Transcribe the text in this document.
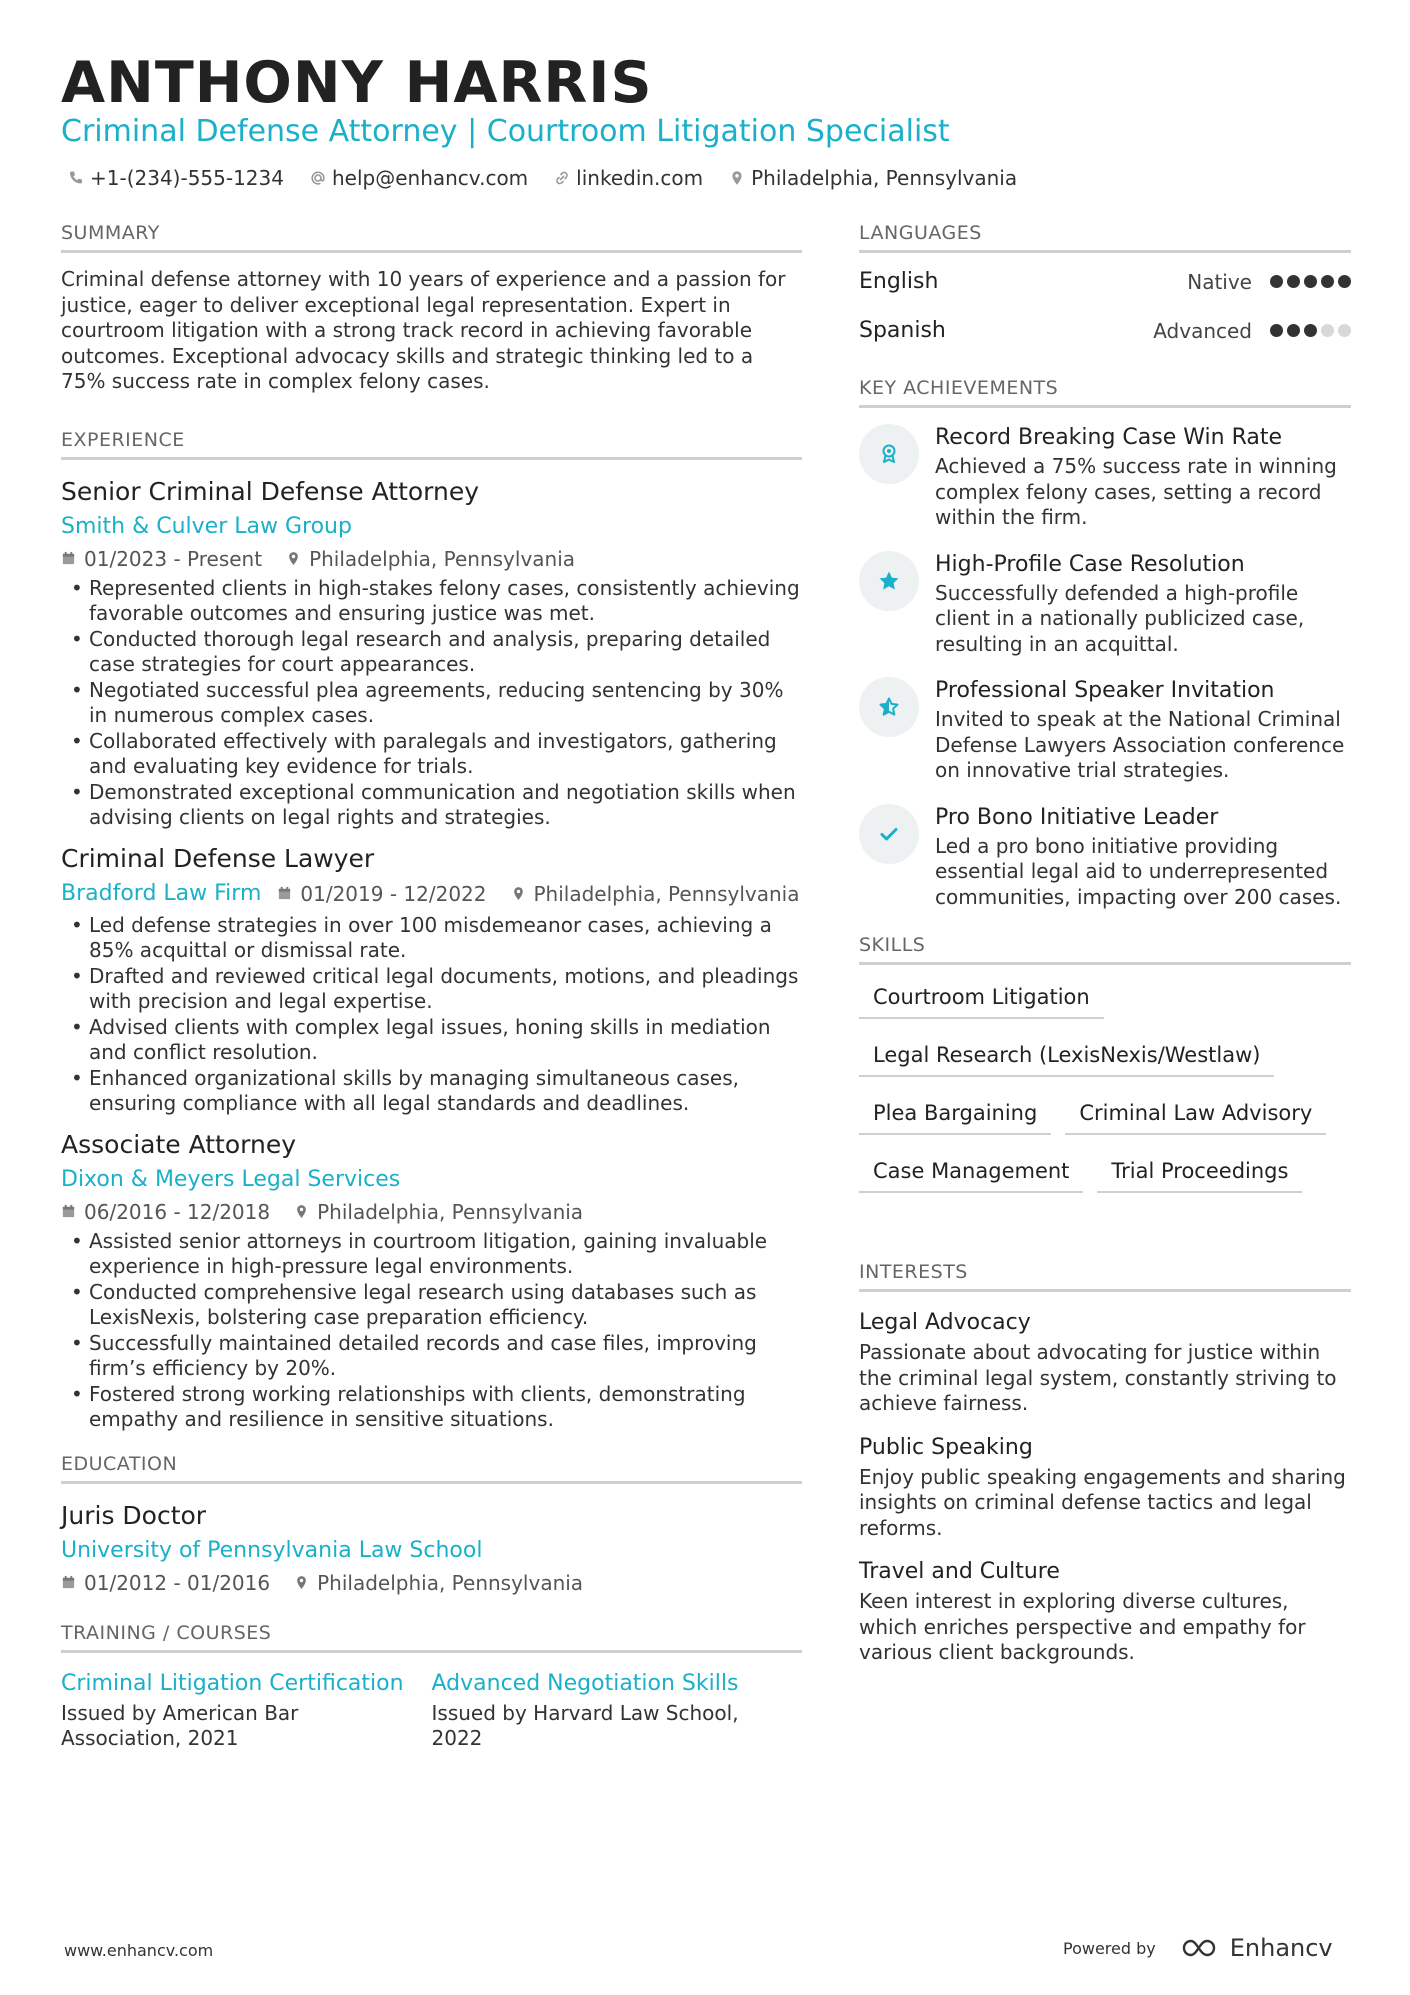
ANTHONY HARRIS
Criminal Defense Attorney | Courtroom Litigation Specialist
+1-(234)-555-1234 help@enhancv.com linkedin.com Philadelphia, Pennsylvania
SUMMARY

Criminal defense attorney with 10 years of experience and a passion for justice, eager to deliver exceptional legal representation. Expert in courtroom litigation with a strong track record in achieving favorable outcomes. Exceptional advocacy skills and strategic thinking led to a 75% success rate in complex felony cases.

EXPERIENCE
Senior Criminal Defense Attorney
Smith & Culver Law Group
01/2023 - Present Philadelphia, Pennsylvania
• Represented clients in high-stakes felony cases, consistently achieving favorable outcomes and ensuring justice was met.
• Conducted thorough legal research and analysis, preparing detailed case strategies for court appearances.
• Negotiated successful plea agreements, reducing sentencing by 30% in numerous complex cases.
• Collaborated effectively with paralegals and investigators, gathering and evaluating key evidence for trials.
• Demonstrated exceptional communication and negotiation skills when advising clients on legal rights and strategies.
Criminal Defense Lawyer
Bradford Law Firm 01/2019 - 12/2022 Philadelphia, Pennsylvania
• Led defense strategies in over 100 misdemeanor cases, achieving a 85% acquittal or dismissal rate.
• Drafted and reviewed critical legal documents, motions, and pleadings with precision and legal expertise.
• Advised clients with complex legal issues, honing skills in mediation and conflict resolution.
• Enhanced organizational skills by managing simultaneous cases, ensuring compliance with all legal standards and deadlines.
Associate Attorney
Dixon & Meyers Legal Services
06/2016 - 12/2018 Philadelphia, Pennsylvania
• Assisted senior attorneys in courtroom litigation, gaining invaluable experience in high-pressure legal environments.
• Conducted comprehensive legal research using databases such as LexisNexis, bolstering case preparation efficiency.
• Successfully maintained detailed records and case files, improving firm’s efficiency by 20%.
• Fostered strong working relationships with clients, demonstrating empathy and resilience in sensitive situations.
EDUCATION
Juris Doctor
University of Pennsylvania Law School
01/2012 - 01/2016 Philadelphia, Pennsylvania
TRAINING / COURSES
Criminal Litigation Certification
Issued by American Bar Association, 2021
Advanced Negotiation Skills
Issued by Harvard Law School, 2022
LANGUAGES
English	Native
Spanish	Advanced
KEY ACHIEVEMENTS
Record Breaking Case Win Rate
Achieved a 75% success rate in winning complex felony cases, setting a record within the firm.
High-Profile Case Resolution
Successfully defended a high-profile client in a nationally publicized case, resulting in an acquittal.
Professional Speaker Invitation
Invited to speak at the National Criminal Defense Lawyers Association conference on innovative trial strategies.
Pro Bono Initiative Leader
Led a pro bono initiative providing essential legal aid to underrepresented communities, impacting over 200 cases.
SKILLS
Courtroom Litigation
Legal Research (LexisNexis/Westlaw)
Plea Bargaining	Criminal Law Advisory
Case Management	Trial Proceedings
INTERESTS
Legal Advocacy
Passionate about advocating for justice within the criminal legal system, constantly striving to achieve fairness.
Public Speaking
Enjoy public speaking engagements and sharing insights on criminal defense tactics and legal reforms.
Travel and Culture
Keen interest in exploring diverse cultures, which enriches perspective and empathy for various client backgrounds.
www.enhancv.com	Powered by	Enhancv
